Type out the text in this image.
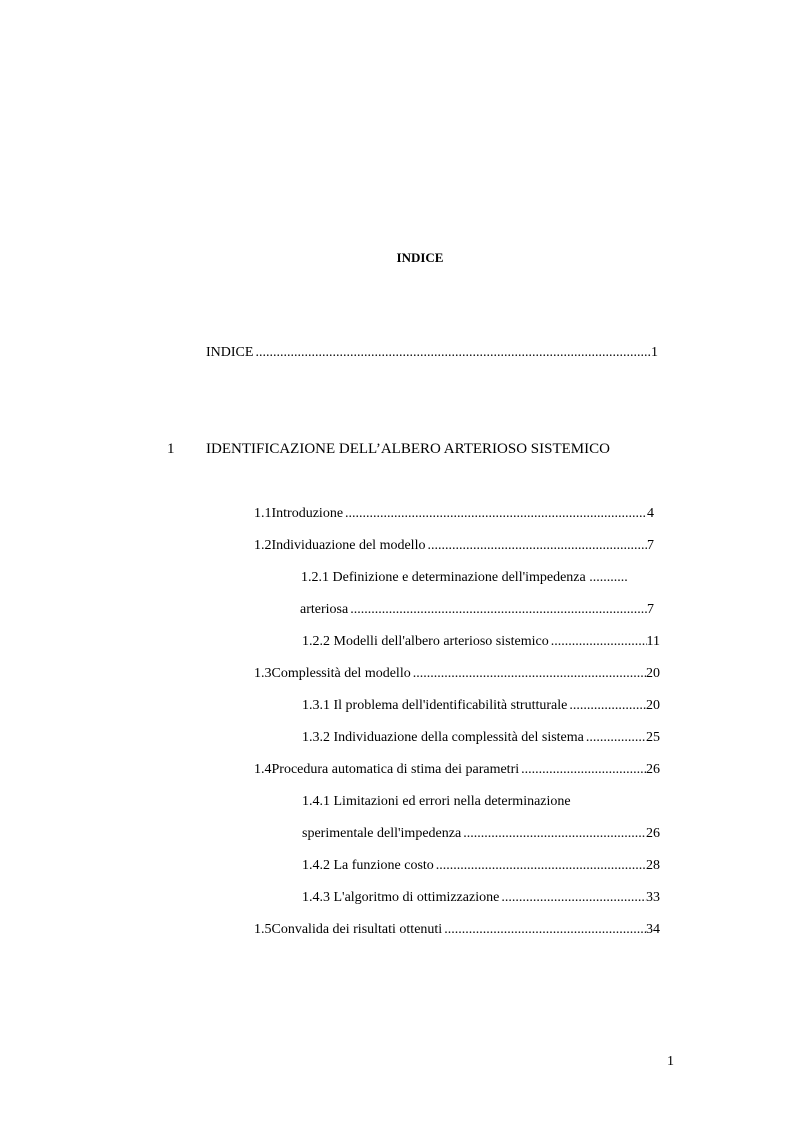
INDICE
INDICE .....	1
1 IDENTIFICAZIONE DELL’ALBERO ARTERIOSO SISTEMICO
1.1 Introduzione .....	4
1.2 Individuazione del modello .....	7
1.2.1 Definizione e determinazione dell'impedenza ...........
arteriosa .....	7
1.2.2 Modelli dell'albero arterioso sistemico .....	11
1.3 Complessità del modello .....	20
1.3.1 Il problema dell'identificabilità strutturale .....	20
1.3.2 Individuazione della complessità del sistema .....	25
1.4 Procedura automatica di stima dei parametri .....	26
1.4.1 Limitazioni ed errori nella determinazione
sperimentale dell'impedenza .....	26
1.4.2 La funzione costo .....	28
1.4.3 L'algoritmo di ottimizzazione .....	33
1.5 Convalida dei risultati ottenuti .....	34
1
